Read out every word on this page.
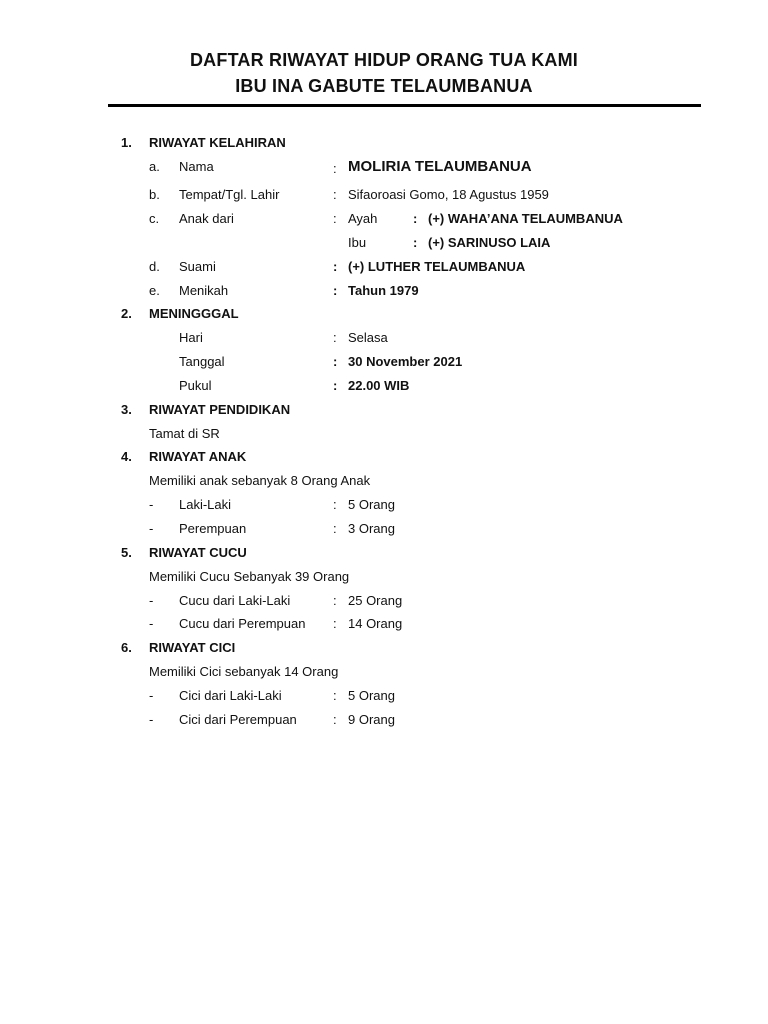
DAFTAR RIWAYAT HIDUP ORANG TUA KAMI
IBU INA GABUTE TELAUMBANUA
1. RIWAYAT KELAHIRAN
a. Nama	: MOLIRIA TELAUMBANUA
b. Tempat/Tgl. Lahir	: Sifaoroasi Gomo, 18 Agustus 1959
c. Anak dari	: Ayah	: (+) WAHA’ANA TELAUMBANUA
Ibu	: (+) SARINUSO LAIA
d. Suami	: (+) LUTHER TELAUMBANUA
e. Menikah	: Tahun 1979
2. MENINGGGAL
Hari	: Selasa
Tanggal	: 30 November 2021
Pukul	: 22.00 WIB
3. RIWAYAT PENDIDIKAN
Tamat di SR
4. RIWAYAT ANAK
Memiliki anak sebanyak 8 Orang Anak
- Laki-Laki	: 5 Orang
- Perempuan	: 3 Orang
5. RIWAYAT CUCU
Memiliki Cucu Sebanyak 39 Orang
- Cucu dari Laki-Laki	: 25 Orang
- Cucu dari Perempuan : 14 Orang
6. RIWAYAT CICI
Memiliki Cici sebanyak 14 Orang
- Cici dari Laki-Laki	: 5 Orang
- Cici dari Perempuan	: 9 Orang
